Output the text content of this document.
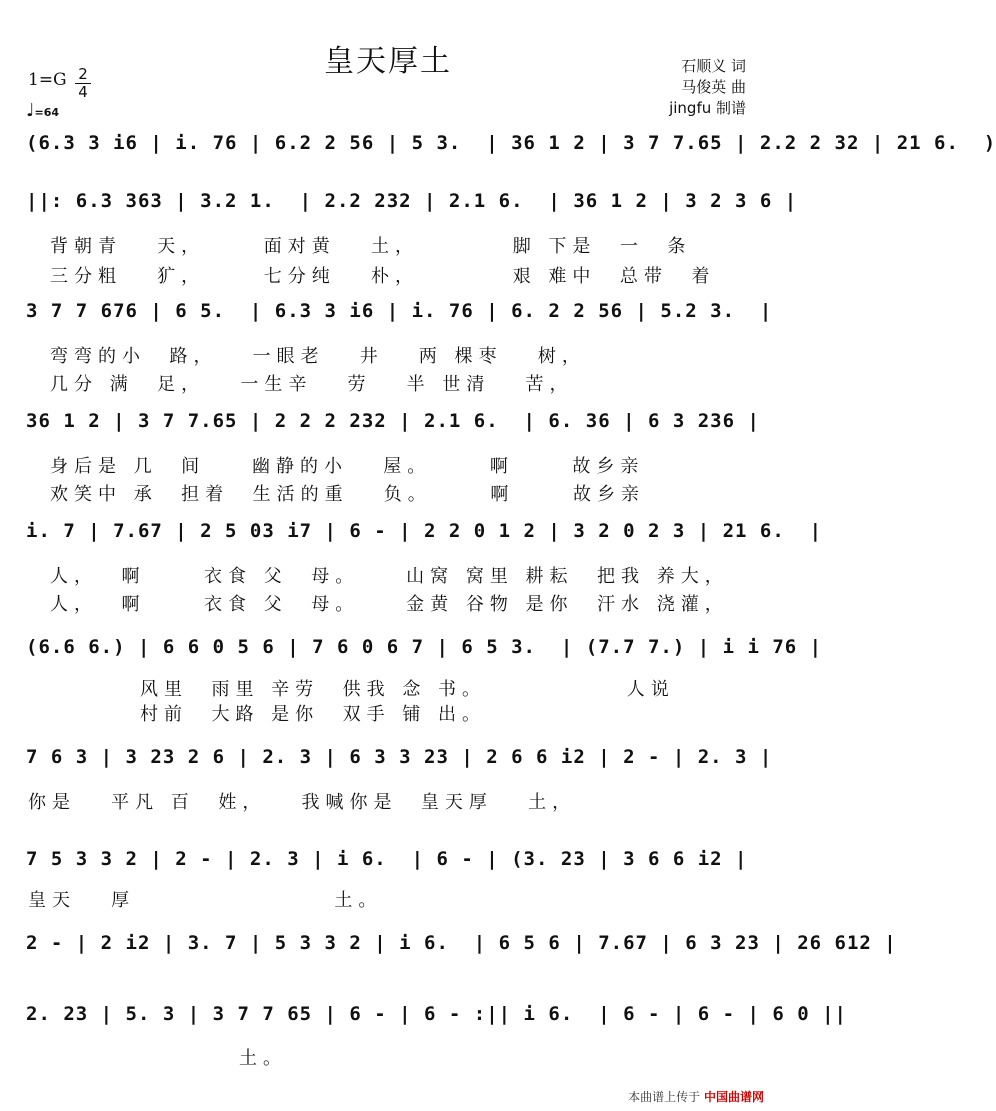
皇天厚土	石顺义 词
马俊英 曲
jingfu 制谱
1=G 2
4
♩=64
(6.3 3 i6 | i. 76 | 6.2 2 56 | 5 3.  | 36 1 2 | 3 7 7.65 | 2.2 2 32 | 21 6.  )
||: 6.3 363 | 3.2 1.  | 2.2 232 | 2.1 6.  | 36 1 2 | 3 2 3 6 |
背朝青   天，     面对黄   土，        脚 下是  一  条
三分粗   犷，     七分纯   朴，        艰 难中  总带  着
3 7 7 676 | 6 5.  | 6.3 3 i6 | i. 76 | 6. 2 2 56 | 5.2 3.  |
弯弯的小  路，   一眼老   井   两 棵枣   树，
几分 满  足，   一生辛   劳   半 世清   苦，
36 1 2 | 3 7 7.65 | 2 2 2 232 | 2.1 6.  | 6. 36 | 6 3 236 |
身后是 几  间    幽静的小   屋。     啊     故乡亲
欢笑中 承  担着  生活的重   负。     啊     故乡亲
i. 7 | 7.67 | 2 5 03 i7 | 6 - | 2 2 0 1 2 | 3 2 0 2 3 | 21 6.  |
人，  啊     衣食 父  母。    山窝 窝里 耕耘  把我 养大，
人，  啊     衣食 父  母。    金黄 谷物 是你  汗水 浇灌，
(6.6 6.) | 6 6 0 5 6 | 7 6 0 6 7 | 6 5 3.  | (7.7 7.) | i i 76 |
风里  雨里 辛劳  供我 念 书。            人说
村前  大路 是你  双手 铺 出。
7 6 3 | 3 23 2 6 | 2. 3 | 6 3 3 23 | 2 6 6 i2 | 2 - | 2. 3 |
你是   平凡 百  姓，   我喊你是  皇天厚   土，
7 5 3 3 2 | 2 - | 2. 3 | i 6.  | 6 - | (3. 23 | 3 6 6 i2 |
皇天   厚                 土。
2 - | 2 i2 | 3. 7 | 5 3 3 2 | i 6.  | 6 5 6 | 7.67 | 6 3 23 | 26 612 |
2. 23 | 5. 3 | 3 7 7 65 | 6 - | 6 - :|| i 6.  | 6 - | 6 - | 6 0 ||
土。
本曲谱上传于 中国曲谱网
